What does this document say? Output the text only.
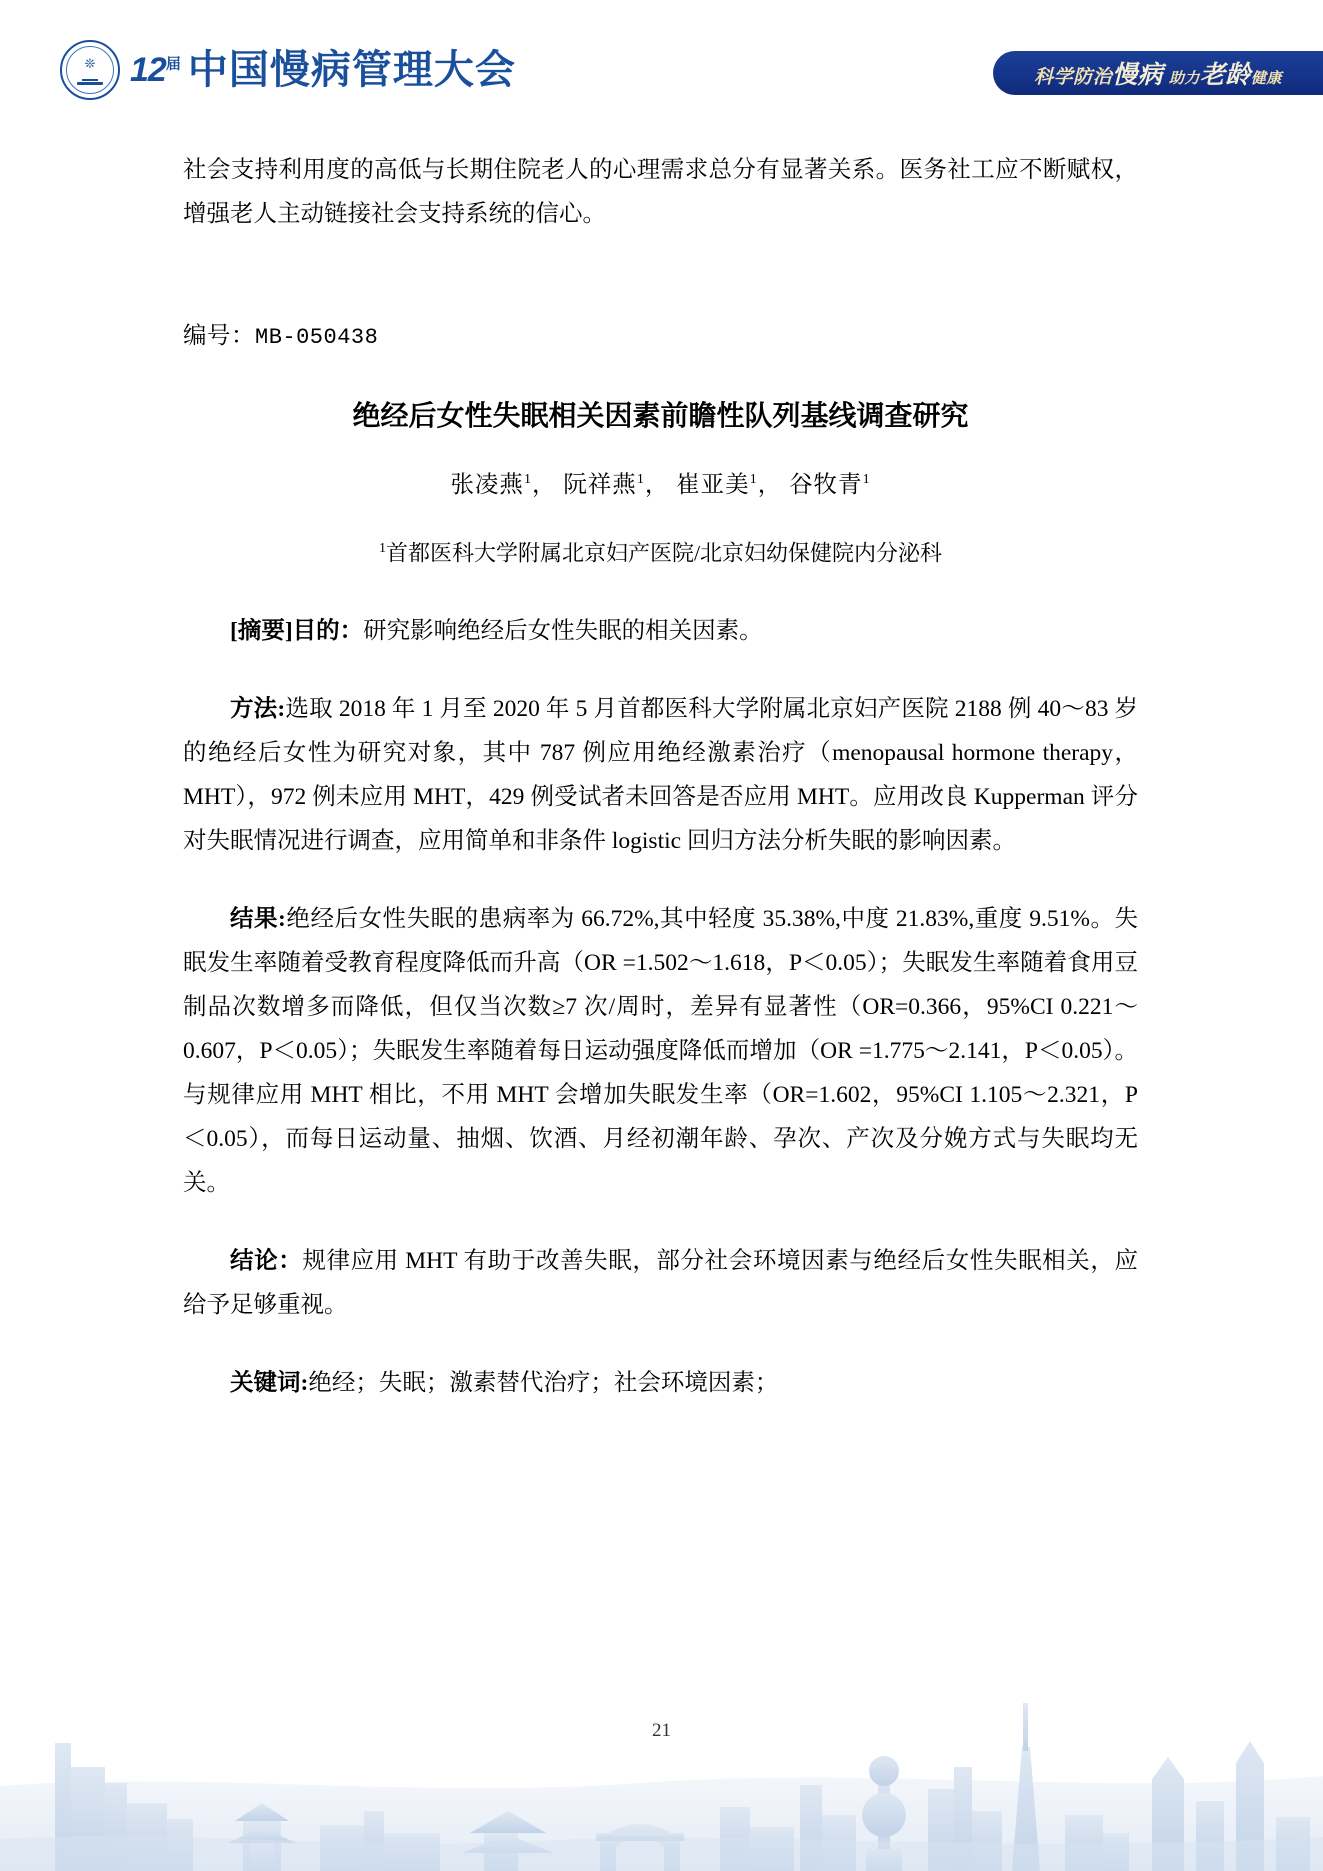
❊ $12^届$ 中国慢病管理大会	科学防治慢病 助力老龄健康

社会支持利用度的高低与长期住院老人的心理需求总分有显著关系。医务社工应不断赋权，增强老人主动链接社会支持系统的信心。

编号：MB-050438

绝经后女性失眠相关因素前瞻性队列基线调查研究

张凌燕$^1$， 阮祥燕$^1$， 崔亚美$^1$， 谷牧青$^1$

$^1$首都医科大学附属北京妇产医院/北京妇幼保健院内分泌科

[摘要]目的：研究影响绝经后女性失眠的相关因素。

方法:选取 2018 年 1 月至 2020 年 5 月首都医科大学附属北京妇产医院 2188 例 40～83 岁的绝经后女性为研究对象，其中 787 例应用绝经激素治疗（menopausal hormone therapy，MHT），972 例未应用 MHT，429 例受试者未回答是否应用 MHT。应用改良 Kupperman 评分对失眠情况进行调查，应用简单和非条件 logistic 回归方法分析失眠的影响因素。

结果:绝经后女性失眠的患病率为 66.72%,其中轻度 35.38%,中度 21.83%,重度 9.51%。失眠发生率随着受教育程度降低而升高（OR =1.502～1.618，P＜0.05）；失眠发生率随着食用豆制品次数增多而降低，但仅当次数≥7 次/周时，差异有显著性（OR=0.366，95%CI 0.221～0.607，P＜0.05）；失眠发生率随着每日运动强度降低而增加（OR =1.775～2.141，P＜0.05）。与规律应用 MHT 相比，不用 MHT 会增加失眠发生率（OR=1.602，95%CI 1.105～2.321，P＜0.05），而每日运动量、抽烟、饮酒、月经初潮年龄、孕次、产次及分娩方式与失眠均无关。

结论：规律应用 MHT 有助于改善失眠，部分社会环境因素与绝经后女性失眠相关，应给予足够重视。

关键词:绝经；失眠；激素替代治疗；社会环境因素；

21
